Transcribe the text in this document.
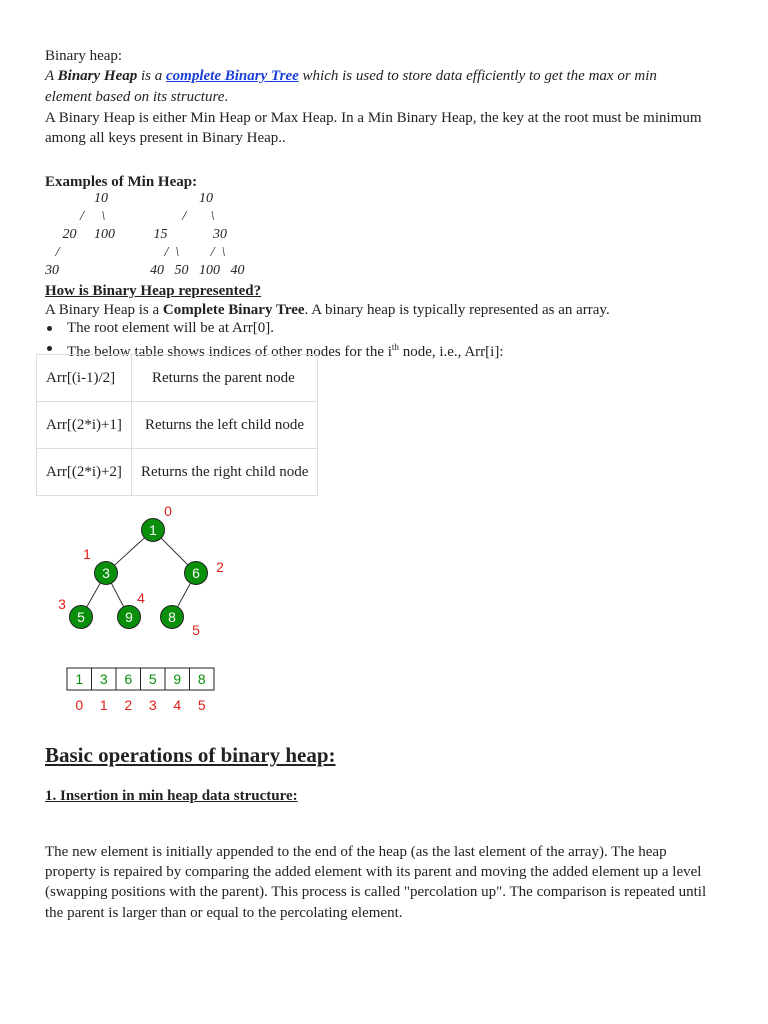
Binary heap:
A Binary Heap is a complete Binary Tree which is used to store data efficiently to get the max or min
element based on its structure.
A Binary Heap is either Min Heap or Max Heap. In a Min Binary Heap, the key at the root must be minimum
among all keys present in Binary Heap..
Examples of Min Heap:
10                          10
/     \                      /       \
20     100           15             30
/                              /  \         /  \
30                          40   50   100   40
How is Binary Heap represented?
A Binary Heap is a Complete Binary Tree. A binary heap is typically represented as an array.
The root element will be at Arr[0].
The below table shows indices of other nodes for the $i^{th}$ node, i.e., Arr[i]:
Arr[(i-1)/2]	Returns the parent node
Arr[(2*i)+1]	Returns the left child node
Arr[(2*i)+2]	Returns the right child node
1
3	6
5	9	8
0
1
2
3	4
5
1 3 6 5 9 8
0 1 2 3 4 5
Basic operations of binary heap:
1. Insertion in min heap data structure:
The new element is initially appended to the end of the heap (as the last element of the array). The heap
property is repaired by comparing the added element with its parent and moving the added element up a level
(swapping positions with the parent). This process is called "percolation up". The comparison is repeated until
the parent is larger than or equal to the percolating element.
